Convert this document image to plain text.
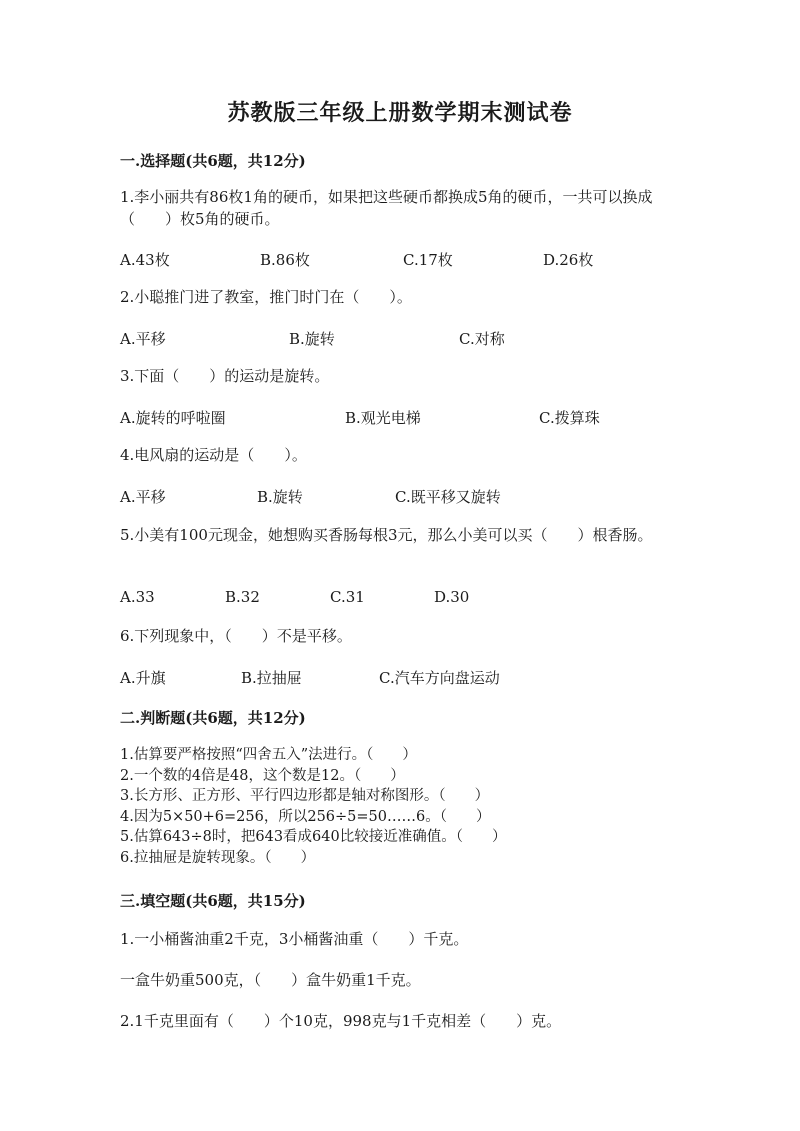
苏教版三年级上册数学期末测试卷
一.选择题(共6题，共12分)
1.李小丽共有86枚1角的硬币，如果把这些硬币都换成5角的硬币，一共可以换成（　　）枚5角的硬币。
A.43枚	B.86枚	C.17枚	D.26枚
2.小聪推门进了教室，推门时门在（　　）。
A.平移	B.旋转	C.对称
3.下面（　　）的运动是旋转。
A.旋转的呼啦圈	B.观光电梯	C.拨算珠
4.电风扇的运动是（　　）。
A.平移	B.旋转	C.既平移又旋转
5.小美有100元现金，她想购买香肠每根3元，那么小美可以买（　　）根香肠。
A.33	B.32	C.31	D.30
6.下列现象中，（　　）不是平移。
A.升旗	B.拉抽屉	C.汽车方向盘运动
二.判断题(共6题，共12分)
1.估算要严格按照“四舍五入”法进行。（　　）
2.一个数的4倍是48，这个数是12。（　　）
3.长方形、正方形、平行四边形都是轴对称图形。（　　）
4.因为5×50+6=256，所以256÷5=50……6。（　　）
5.估算643÷8时，把643看成640比较接近准确值。（　　）
6.拉抽屉是旋转现象。（　　）
三.填空题(共6题，共15分)
1.一小桶酱油重2千克，3小桶酱油重（　　）千克。
一盒牛奶重500克，（　　）盒牛奶重1千克。
2.1千克里面有（　　）个10克，998克与1千克相差（　　）克。
